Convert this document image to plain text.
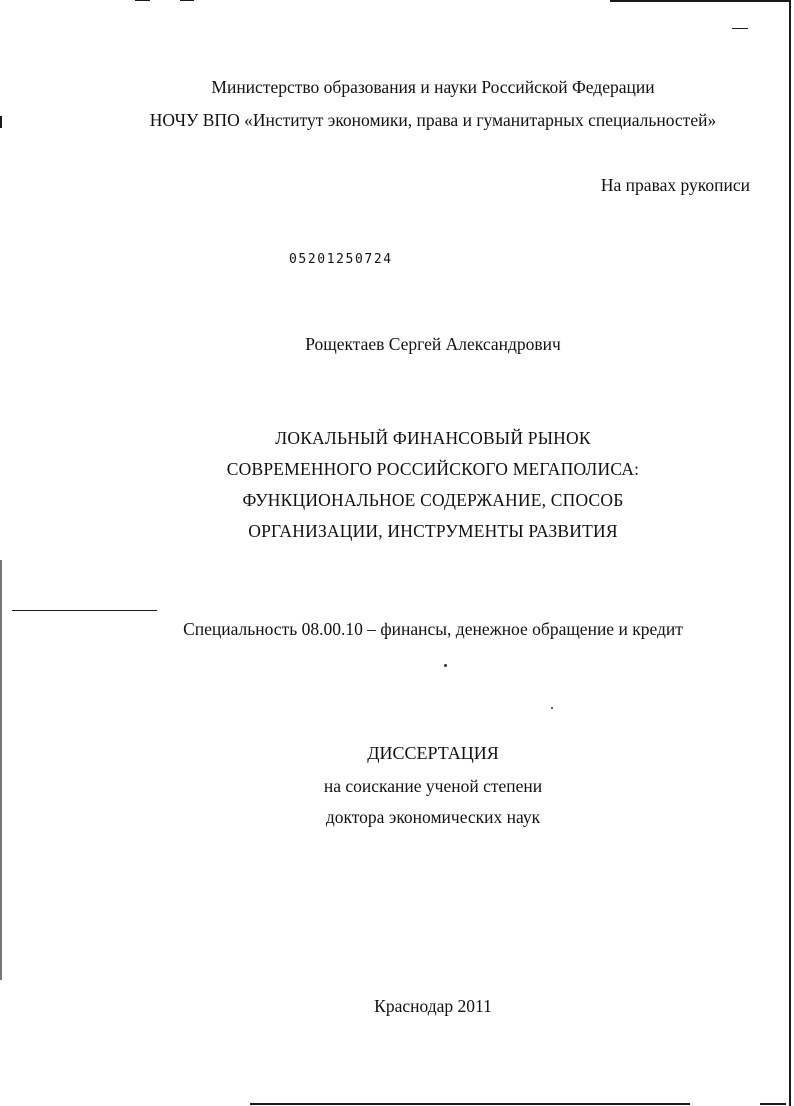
Министерство образования и науки Российской Федерации
НОЧУ ВПО «Институт экономики, права и гуманитарных специальностей»
На правах рукописи
05201250724
Рощектаев Сергей Александрович
ЛОКАЛЬНЫЙ ФИНАНСОВЫЙ РЫНОК
СОВРЕМЕННОГО РОССИЙСКОГО МЕГАПОЛИСА:
ФУНКЦИОНАЛЬНОЕ СОДЕРЖАНИЕ, СПОСОБ
ОРГАНИЗАЦИИ, ИНСТРУМЕНТЫ РАЗВИТИЯ
Специальность 08.00.10 – финансы, денежное обращение и кредит
ДИССЕРТАЦИЯ
на соискание ученой степени
доктора экономических наук
Краснодар 2011
